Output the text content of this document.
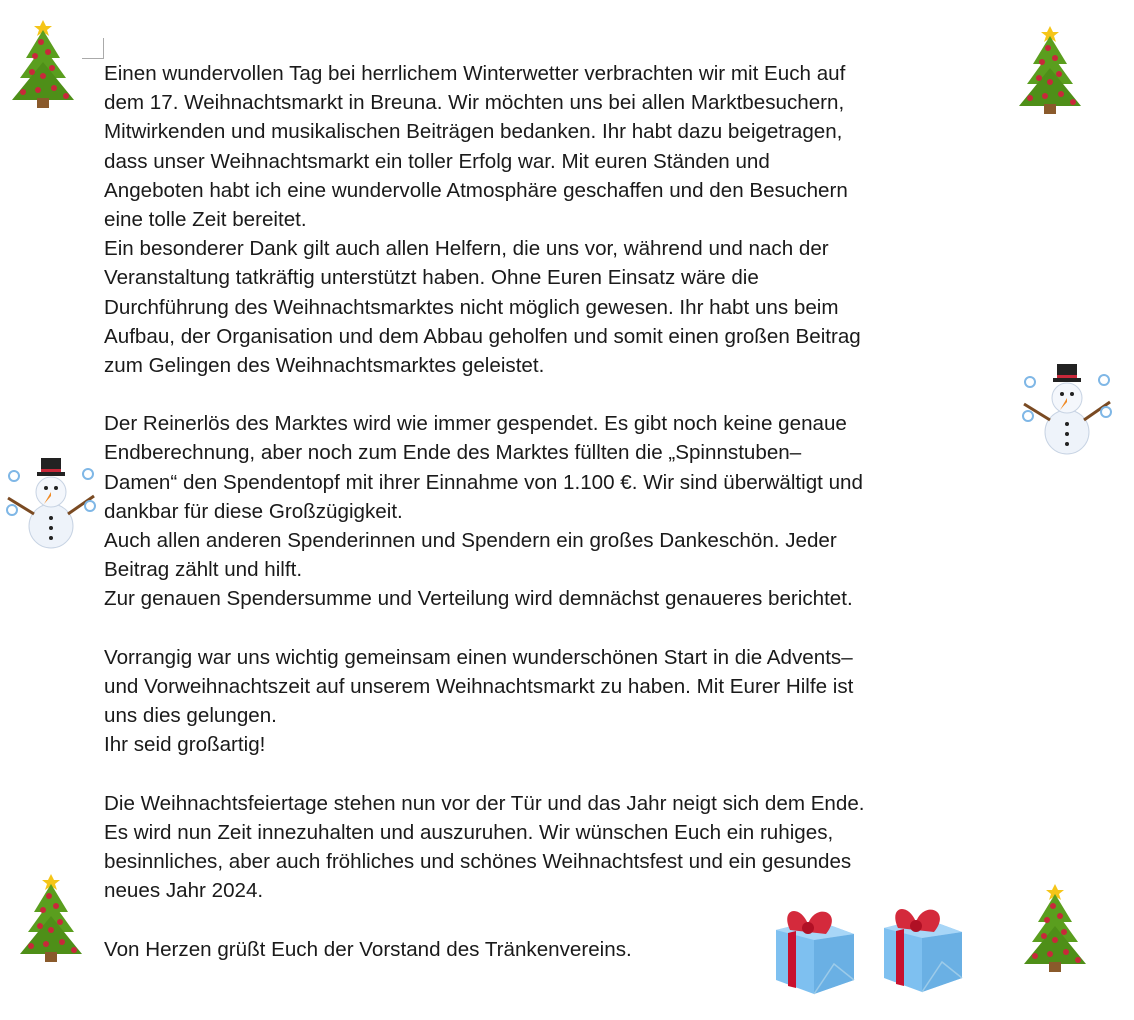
Einen wundervollen Tag bei herrlichem Winterwetter verbrachten wir mit Euch auf
dem 17. Weihnachtsmarkt in Breuna. Wir möchten uns bei allen Marktbesuchern,
Mitwirkenden und musikalischen Beiträgen bedanken. Ihr habt dazu beigetragen,
dass unser Weihnachtsmarkt ein toller Erfolg war. Mit euren Ständen und
Angeboten habt ich eine wundervolle Atmosphäre geschaffen und den Besuchern
eine tolle Zeit bereitet.
Ein besonderer Dank gilt auch allen Helfern, die uns vor, während und nach der
Veranstaltung tatkräftig unterstützt haben. Ohne Euren Einsatz wäre die
Durchführung des Weihnachtsmarktes nicht möglich gewesen. Ihr habt uns beim
Aufbau, der Organisation und dem Abbau geholfen und somit einen großen Beitrag
zum Gelingen des Weihnachtsmarktes geleistet.
Der Reinerlös des Marktes wird wie immer gespendet. Es gibt noch keine genaue
Endberechnung, aber noch zum Ende des Marktes füllten die „Spinnstuben–
Damen“ den Spendentopf mit ihrer Einnahme von 1.100 €. Wir sind überwältigt und
dankbar für diese Großzügigkeit.
Auch allen anderen Spenderinnen und Spendern ein großes Dankeschön. Jeder
Beitrag zählt und hilft.
Zur genauen Spendersumme und Verteilung wird demnächst genaueres berichtet.
Vorrangig war uns wichtig gemeinsam einen wunderschönen Start in die Advents–
und Vorweihnachtszeit auf unserem Weihnachtsmarkt zu haben. Mit Eurer Hilfe ist
uns dies gelungen.
Ihr seid großartig!
Die Weihnachtsfeiertage stehen nun vor der Tür und das Jahr neigt sich dem Ende.
Es wird nun Zeit innezuhalten und auszuruhen. Wir wünschen Euch ein ruhiges,
besinnliches, aber auch fröhliches und schönes Weihnachtsfest und ein gesundes
neues Jahr 2024.
Von Herzen grüßt Euch der Vorstand des Tränkenvereins.
